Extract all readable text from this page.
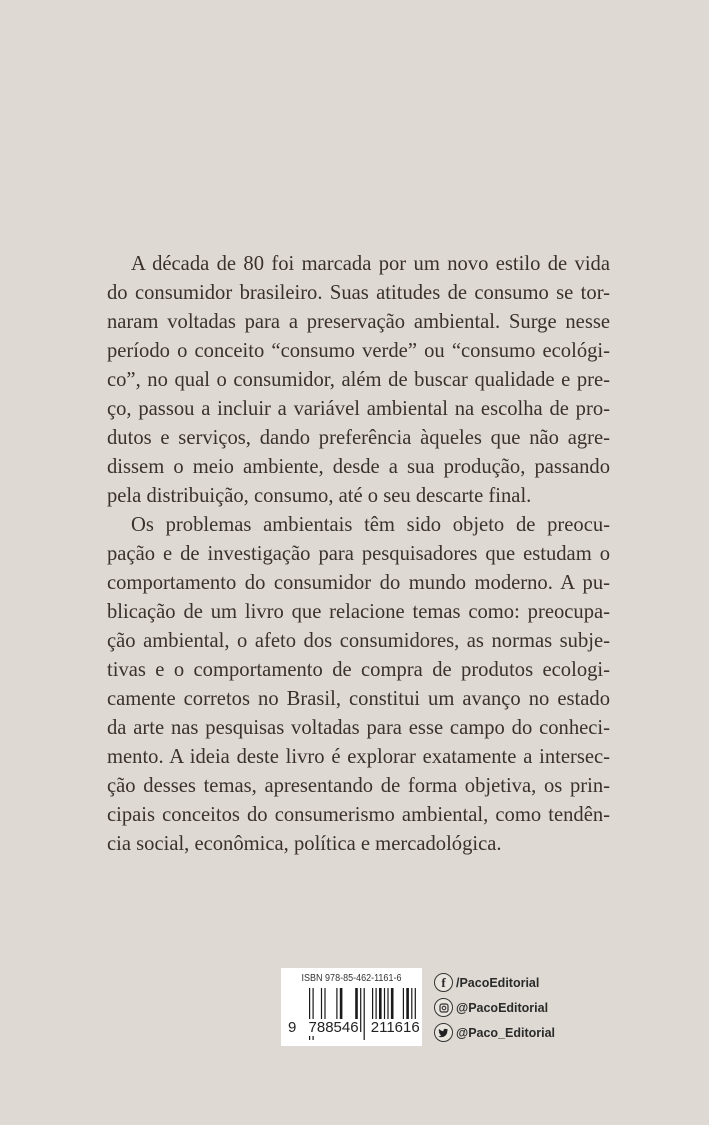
A década de 80 foi marcada por um novo estilo de vida
do consumidor brasileiro. Suas atitudes de consumo se tor-
naram voltadas para a preservação ambiental. Surge nesse
período o conceito “consumo verde” ou “consumo ecológi-
co”, no qual o consumidor, além de buscar qualidade e pre-
ço, passou a incluir a variável ambiental na escolha de pro-
dutos e serviços, dando preferência àqueles que não agre-
dissem o meio ambiente, desde a sua produção, passando
pela distribuição, consumo, até o seu descarte final.
Os problemas ambientais têm sido objeto de preocu-
pação e de investigação para pesquisadores que estudam o
comportamento do consumidor do mundo moderno. A pu-
blicação de um livro que relacione temas como: preocupa-
ção ambiental, o afeto dos consumidores, as normas subje-
tivas e o comportamento de compra de produtos ecologi-
camente corretos no Brasil, constitui um avanço no estado
da arte nas pesquisas voltadas para esse campo do conheci-
mento. A ideia deste livro é explorar exatamente a intersec-
ção desses temas, apresentando de forma objetiva, os prin-
cipais conceitos do consumerismo ambiental, como tendên-
cia social, econômica, política e mercadológica.
ISBN 978-85-462-1161-6
9 788546 211616
f /PacoEditorial
@PacoEditorial
@Paco_Editorial
